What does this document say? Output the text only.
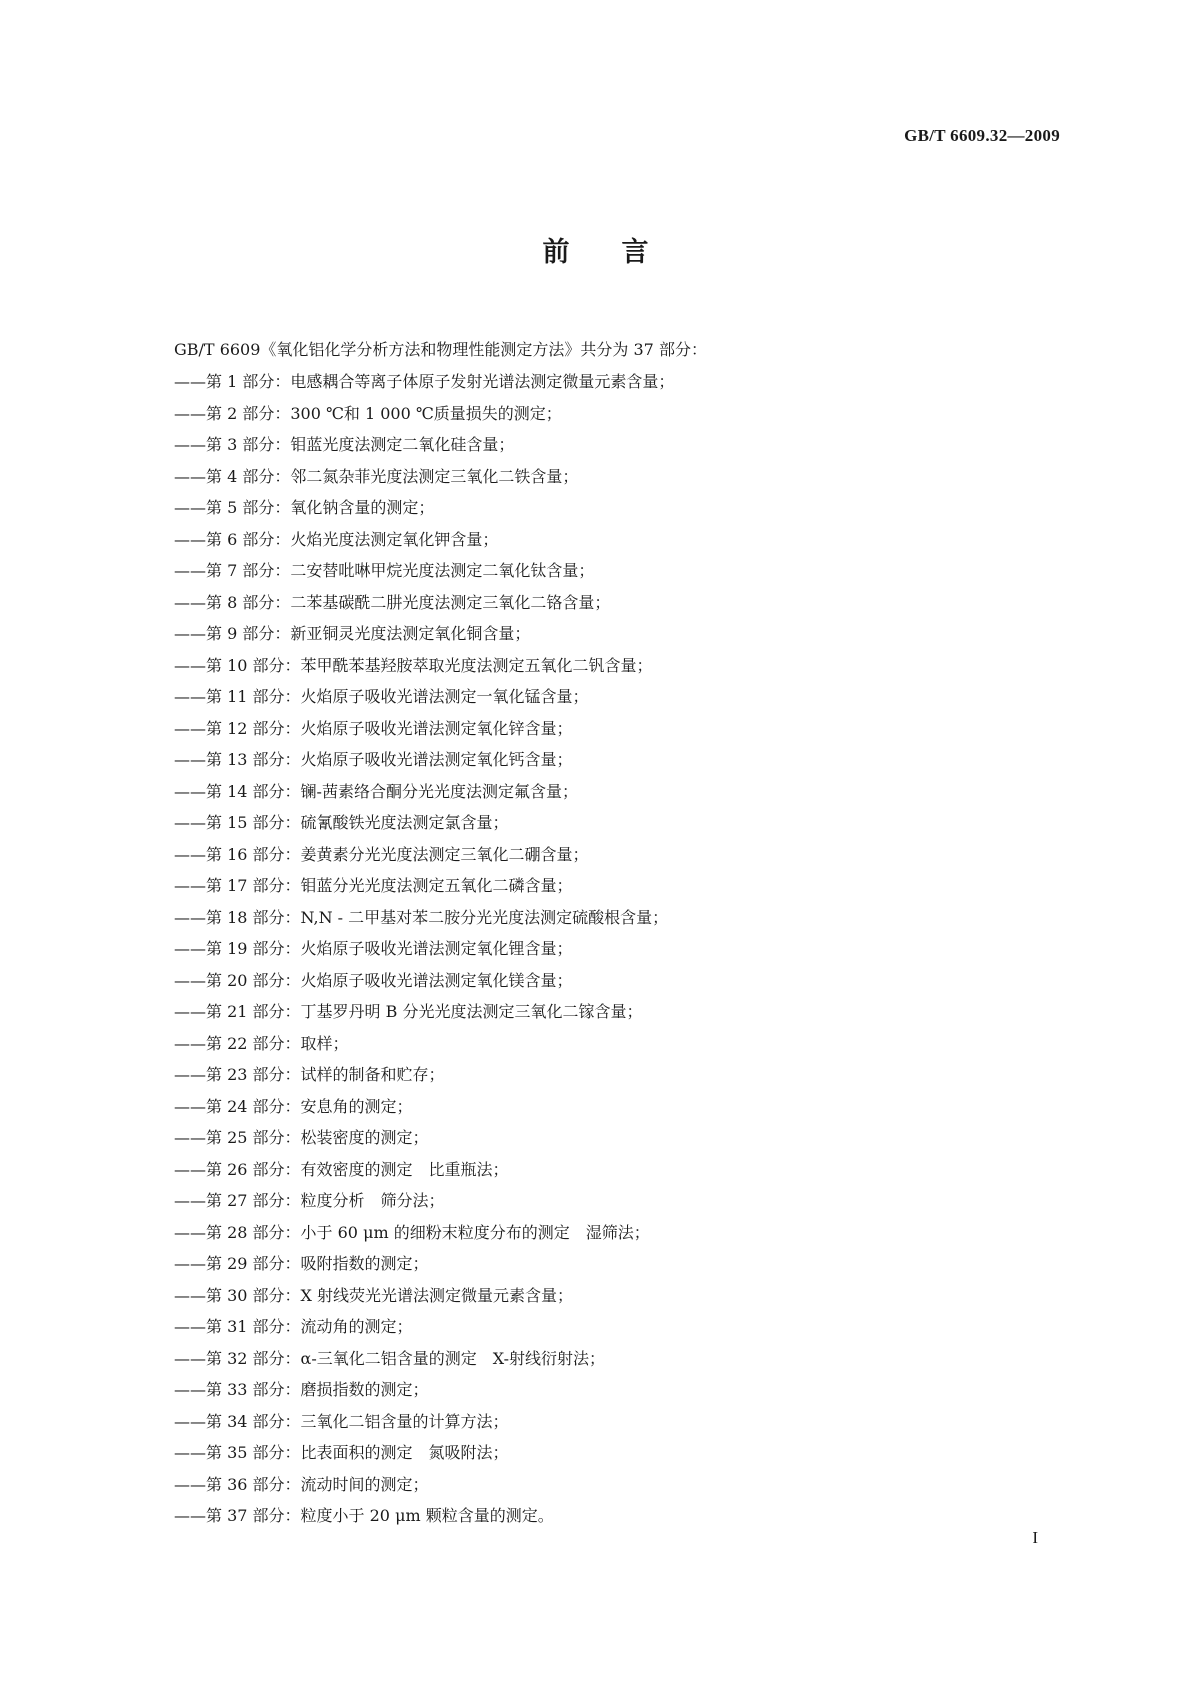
GB/T 6609.32—2009
前言
GB/T 6609《氧化铝化学分析方法和物理性能测定方法》共分为 37 部分：
——第 1 部分：电感耦合等离子体原子发射光谱法测定微量元素含量；
——第 2 部分：300 ℃和 1 000 ℃质量损失的测定；
——第 3 部分：钼蓝光度法测定二氧化硅含量；
——第 4 部分：邻二氮杂菲光度法测定三氧化二铁含量；
——第 5 部分：氧化钠含量的测定；
——第 6 部分：火焰光度法测定氧化钾含量；
——第 7 部分：二安替吡啉甲烷光度法测定二氧化钛含量；
——第 8 部分：二苯基碳酰二肼光度法测定三氧化二铬含量；
——第 9 部分：新亚铜灵光度法测定氧化铜含量；
——第 10 部分：苯甲酰苯基羟胺萃取光度法测定五氧化二钒含量；
——第 11 部分：火焰原子吸收光谱法测定一氧化锰含量；
——第 12 部分：火焰原子吸收光谱法测定氧化锌含量；
——第 13 部分：火焰原子吸收光谱法测定氧化钙含量；
——第 14 部分：镧-茜素络合酮分光光度法测定氟含量；
——第 15 部分：硫氰酸铁光度法测定氯含量；
——第 16 部分：姜黄素分光光度法测定三氧化二硼含量；
——第 17 部分：钼蓝分光光度法测定五氧化二磷含量；
——第 18 部分：N,N - 二甲基对苯二胺分光光度法测定硫酸根含量；
——第 19 部分：火焰原子吸收光谱法测定氧化锂含量；
——第 20 部分：火焰原子吸收光谱法测定氧化镁含量；
——第 21 部分：丁基罗丹明 B 分光光度法测定三氧化二镓含量；
——第 22 部分：取样；
——第 23 部分：试样的制备和贮存；
——第 24 部分：安息角的测定；
——第 25 部分：松装密度的测定；
——第 26 部分：有效密度的测定　比重瓶法；
——第 27 部分：粒度分析　筛分法；
——第 28 部分：小于 60 μm 的细粉末粒度分布的测定　湿筛法；
——第 29 部分：吸附指数的测定；
——第 30 部分：X 射线荧光光谱法测定微量元素含量；
——第 31 部分：流动角的测定；
——第 32 部分：α-三氧化二铝含量的测定　X-射线衍射法；
——第 33 部分：磨损指数的测定；
——第 34 部分：三氧化二铝含量的计算方法；
——第 35 部分：比表面积的测定　氮吸附法；
——第 36 部分：流动时间的测定；
——第 37 部分：粒度小于 20 μm 颗粒含量的测定。
I
